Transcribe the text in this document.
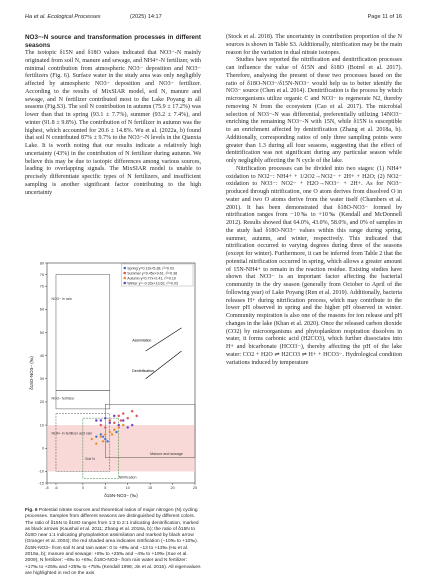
Ha et al. Ecological Processes	(2025) 14:17	Page 11 of 16

NO3−-N source and transformation processes in different seasons

The isotopic δ15N and δ18O values indicated that NO3−-N mainly originated from soil N, manure and sewage, and NH4+-N fertilizer, with minimal contribution from atmospheric NO3− deposition and NO3− fertilizers (Fig. 6). Surface water in the study area was only negligibly affected by atmospheric NO3− deposition and NO3− fertilizer. According to the results of MixSIAR model, soil N, manure and sewage, and N fertilizer contributed most to the Lake Poyang in all seasons (Fig.S3). The soil N contribution in autumn (75.9 ± 17.2%) was lower than that in spring (93.1 ± 7.7%), summer (93.2 ± 7.4%), and winter (91.8 ± 9.8%). The contribution of N fertilizer in autumn was the highest, which accounted for 20.6 ± 14.8%. Wu et al. (2022a, b) found that soil N contributed 87% ± 9.7% to the NO3−-N levels in the Qianxia Lake. It is worth noting that our results indicate a relatively high uncertainty (43%) in the contribution of N fertilizer during autumn. We believe this may be due to isotopic differences among various sources, leading to overlapping signals. The MixSIAR model is unable to precisely differentiate specific types of N fertilizers, and insufficient sampling is another significant factor contributing to the high uncertainty

(Stock et al. 2018). The uncertainty in contribution proportion of the N sources is shown in Table S3. Additionally, nitrification may be the main reason for the variation in dual nitrate isotopes.

Studies have reported the nitrification and denitrification processes can influence the value of δ15N and δ18O (Botrel et al. 2017). Therefore, analysing the present of these two processes based on the ratio of δ18O-NO3−/δ15N-NO3− would help us to better identify the NO3− source (Chen et al. 2014). Denitrification is the process by which microorganisms utilize organic C and NO3− to regenerate N2, thereby removing N from the ecosystem (Cao et al. 2017). The microbial selection of NO3−-N was differential, preferentially utilizing 14NO3− enriching the remaining NO3−-N with 15N, while δ15N is susceptible to an enrichment affected by denitrification (Zhang et al. 2018a, b). Additionally, corresponding ratios of only three sampling points were greater than 1.3 during all four seasons, suggesting that the effect of denitrification was not significant during any particular season while only negligibly affecting the N cycle of the lake.

Nitrification processes can be divided into two stages: (1) NH4+ oxidation to NO2−: NH4+ + 1/2O2→NO2− + 2H+ + H2O; (2) NO2− oxidation to NO3−: NO2− + H2O→NO3− + 2H+. As for NO3− produced through nitrification, one O atom derives from dissolved O in water and two O atoms derive from the water itself (Chambers et al. 2001). It has been demonstrated that δ18O-NO3− formed by nitrification ranges from −10‰ to +10‰ (Kendall and McDonnell 2012). Results showed that 64.0%, 43.0%, 58.0%, and 0% of samples in the study had δ18O-NO3− values within this range during spring, summer, autumn, and winter, respectively. This indicated that nitrification occurred to varying degrees during three of the seasons (except for winter). Furthermore, it can be inferred from Table 2 that the potential nitrification occurred in spring, which allows a greater amount of 15N-NH4+ to remain in the reaction residue. Existing studies have shown that NO3− is an important factor affecting the bacterial community in the dry season (generally from October to April of the following year) of Lake Poyang (Ren et al. 2019). Additionally, bacteria releases H+ during nitrification process, which may contribute to the lower pH observed in spring and the higher pH observed in winter. Community respiration is also one of the reasons for ion release and pH changes in the lake (Khan et al. 2020). Once the released carbon dioxide (CO2) by microorganisms and phytoplankton respiration dissolves in water, it forms carbonic acid (H2CO3), which further dissociates into H+ and bicarbonate (HCO3−), thereby affecting the pH of the lake water: CO2 + H2O ⇌ H2CO3 ⇌ H+ + HCO3−. Hydrological condition variations induced by temperature

NO3− in rain
NO3− fertilizer
NH4+ in fertilizer and rain
Soil N
Manure and sewage
Nitrification
Denitrification
Assimilation
-8 -6	0	5	10	15	20	25
-15
-10
0
10
20
30
40
50
60
70
75
80
δ15N-NO3− (‰)
δ18O-NO3− (‰)
Spring y=0.13x+5.38, r²=0.03
Summer y=0.45x+9.61, r²=0.38
Autumn y=0.77x+2.41, r²=0.10
Winter y=−0.33x+13.62, r²=0.03
Fig. 6 Potential nitrate sources and theoretical ratios of major nitrogen (N) cycling processes. Samples from different seasons are distinguished by different colors. The ratio of δ15N to δ18O ranges from 1:3 to 2:1 indicating denitrification, marked as black arrows (Kaushal et al. 2011; Zhang et al. 2018a, b); the ratio of δ15N to δ18O near 1:1 indicating phytoplankton assimilation and marked by black arrow (Granger et al. 2004); the red shaded area indicates nitrification (−10‰ to +10‰). δ15N-NO3− from soil N and rain water: 0 to +8‰ and −13 to +13‰ (Hu et al. 2019a, b); manure and sewage: +5‰ to +25‰ and −4‰ to +19‰ (Xue et al. 2009); N fertilizer: −6‰ to +6‰; δ18O-NO3− from rain water and N fertilizer: +17‰ to +25‰ and +25‰ to +75‰ (Kendall 1998; Jin et al. 2015). All eigenvalues are highlighted in red on the axis
